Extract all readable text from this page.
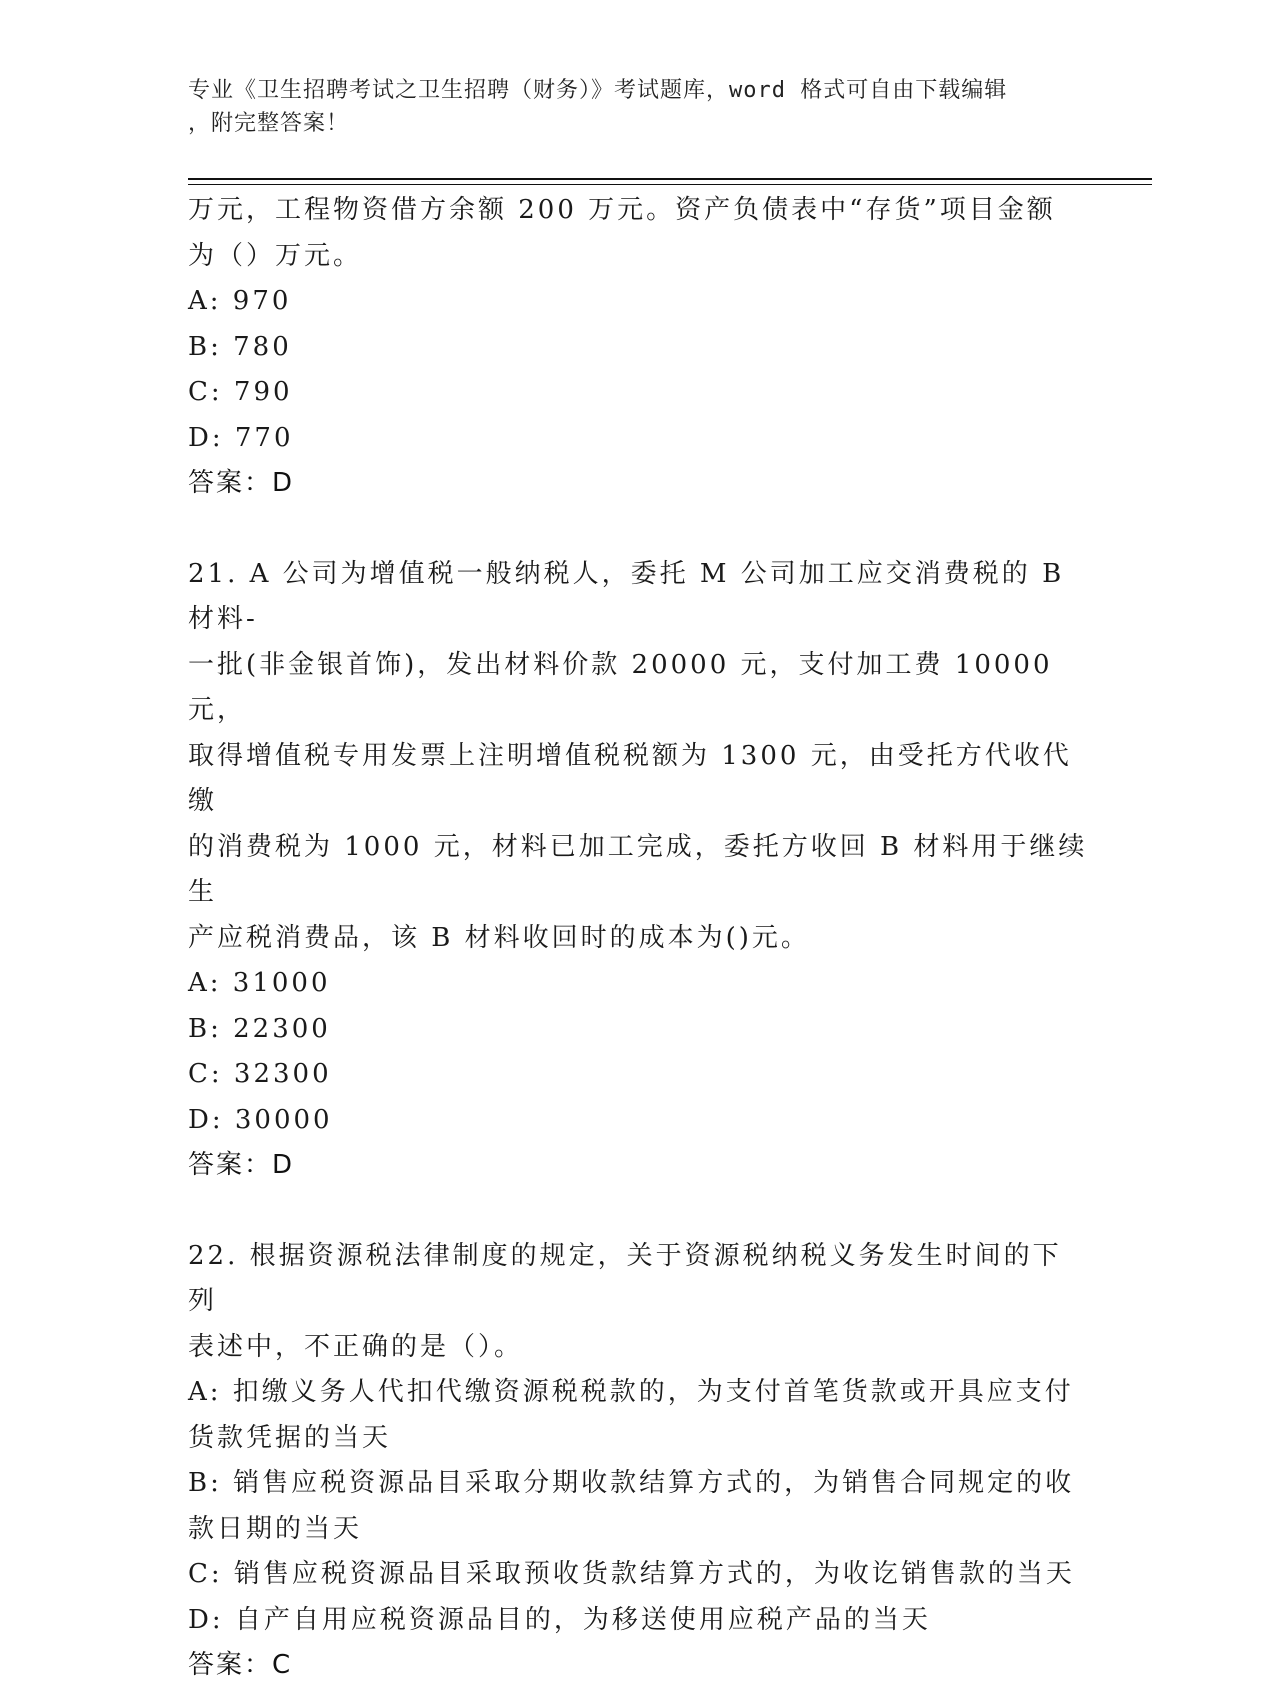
专业《卫生招聘考试之卫生招聘（财务）》考试题库，word 格式可自由下载编辑
，附完整答案！

万元，工程物资借方余额 200 万元。资产负债表中“存货”项目金额

为（）万元。

A: 970

B: 780

C: 790

D: 770

答案：D

21. A 公司为增值税一般纳税人，委托 M 公司加工应交消费税的 B 材料-

一批(非金银首饰)，发出材料价款 20000 元，支付加工费 10000 元，

取得增值税专用发票上注明增值税税额为 1300 元，由受托方代收代缴

的消费税为 1000 元，材料已加工完成，委托方收回 B 材料用于继续生

产应税消费品，该 B 材料收回时的成本为()元。

A: 31000

B: 22300

C: 32300

D: 30000

答案：D

22. 根据资源税法律制度的规定，关于资源税纳税义务发生时间的下列

表述中，不正确的是（）。

A: 扣缴义务人代扣代缴资源税税款的，为支付首笔货款或开具应支付

货款凭据的当天

B: 销售应税资源品目采取分期收款结算方式的，为销售合同规定的收

款日期的当天

C: 销售应税资源品目采取预收货款结算方式的，为收讫销售款的当天

D: 自产自用应税资源品目的，为移送使用应税产品的当天

答案：C
